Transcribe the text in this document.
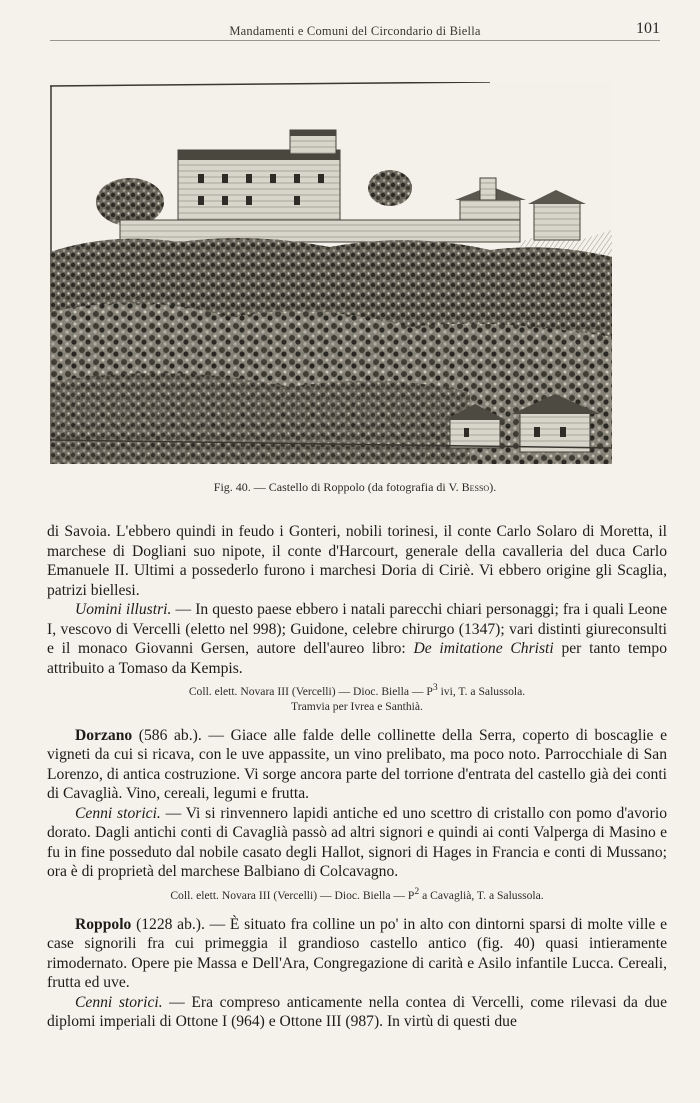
Mandamenti e Comuni del Circondario di Biella	101
Fig. 40. — Castello di Roppolo (da fotografia di V. Besso).

di Savoia. L'ebbero quindi in feudo i Gonteri, nobili torinesi, il conte Carlo Solaro di Moretta, il marchese di Dogliani suo nipote, il conte d'Harcourt, generale della cavalleria del duca Carlo Emanuele II. Ultimi a possederlo furono i marchesi Doria di Ciriè. Vi ebbero origine gli Scaglia, patrizi biellesi.

Uomini illustri. — In questo paese ebbero i natali parecchi chiari personaggi; fra i quali Leone I, vescovo di Vercelli (eletto nel 998); Guidone, celebre chirurgo (1347); vari distinti giureconsulti e il monaco Giovanni Gersen, autore dell'aureo libro: De imitatione Christi per tanto tempo attribuito a Tomaso da Kempis.

Coll. elett. Novara III (Vercelli) — Dioc. Biella — $P^3$ ivi, T. a Salussola.
Tramvia per Ivrea e Santhià.

Dorzano (586 ab.). — Giace alle falde delle collinette della Serra, coperto di boscaglie e vigneti da cui si ricava, con le uve appassite, un vino prelibato, ma poco noto. Parrocchiale di San Lorenzo, di antica costruzione. Vi sorge ancora parte del torrione d'entrata del castello già dei conti di Cavaglià. Vino, cereali, legumi e frutta.

Cenni storici. — Vi si rinvennero lapidi antiche ed uno scettro di cristallo con pomo d'avorio dorato. Dagli antichi conti di Cavaglià passò ad altri signori e quindi ai conti Valperga di Masino e fu in fine posseduto dal nobile casato degli Hallot, signori di Hages in Francia e conti di Mussano; ora è di proprietà del marchese Balbiano di Colcavagno.

Coll. elett. Novara III (Vercelli) — Dioc. Biella — $P^2$ a Cavaglià, T. a Salussola.

Roppolo (1228 ab.). — È situato fra colline un po' in alto con dintorni sparsi di molte ville e case signorili fra cui primeggia il grandioso castello antico (fig. 40) quasi intieramente rimodernato. Opere pie Massa e Dell'Ara, Congregazione di carità e Asilo infantile Lucca. Cereali, frutta ed uve.

Cenni storici. — Era compreso anticamente nella contea di Vercelli, come rilevasi da due diplomi imperiali di Ottone I (964) e Ottone III (987). In virtù di questi due
